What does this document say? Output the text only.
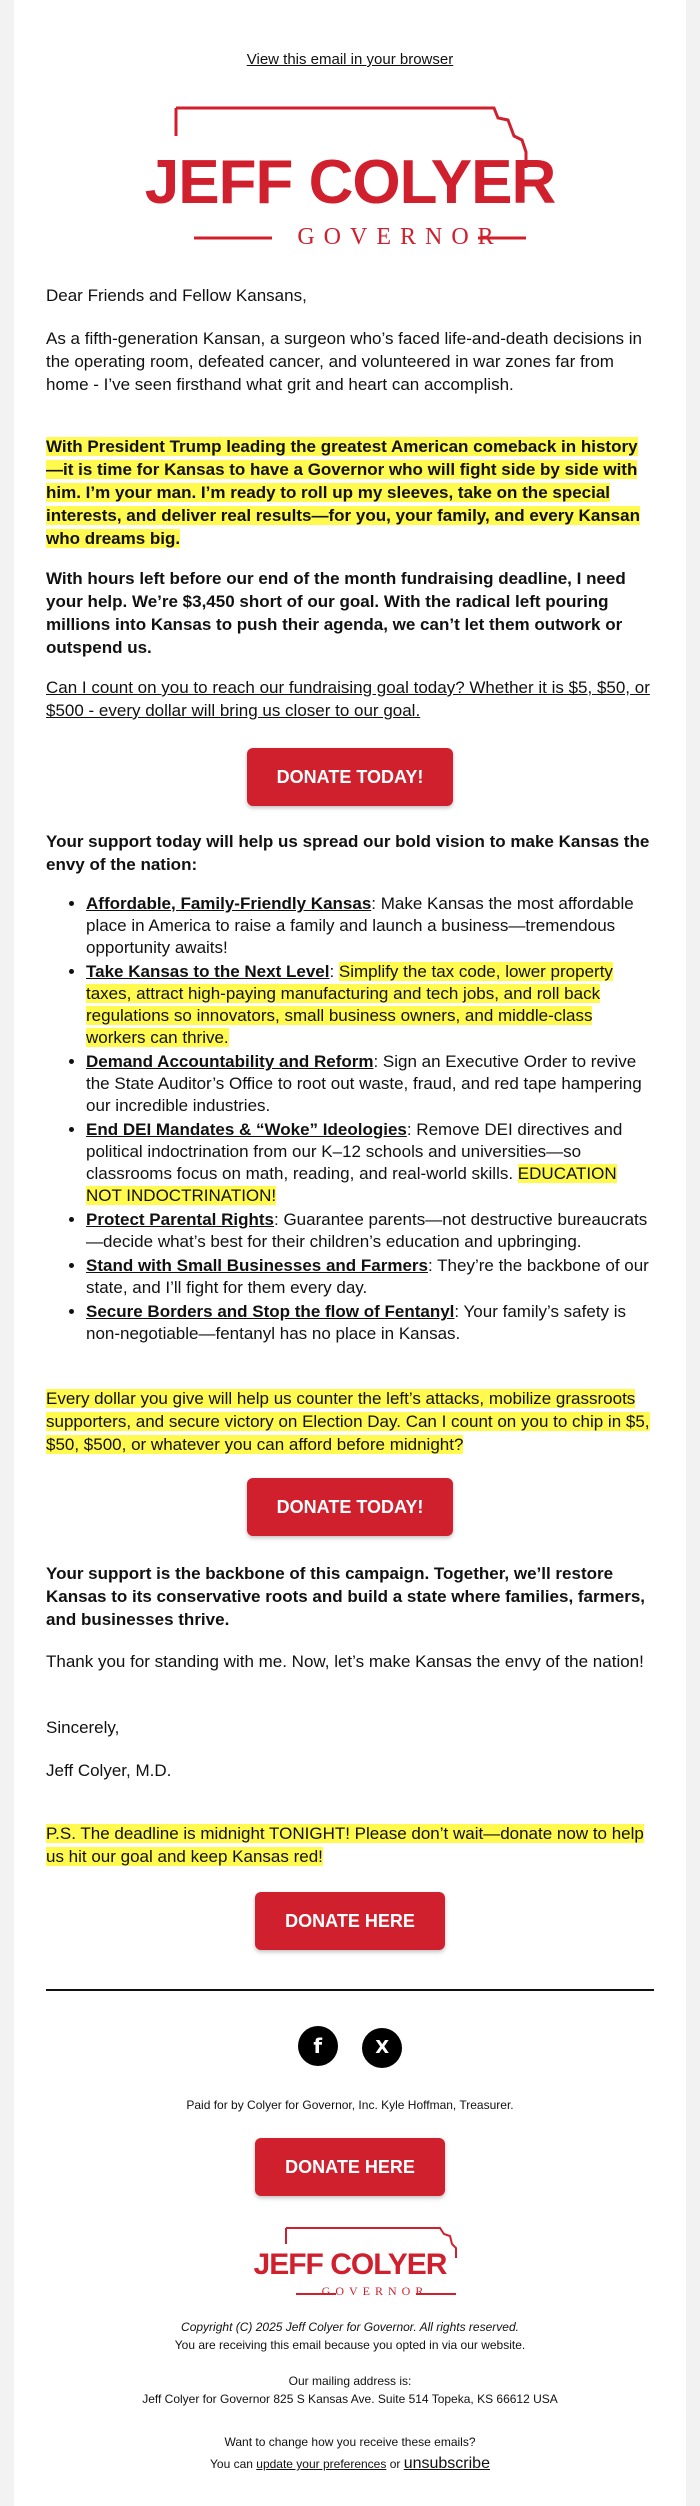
View this email in your browser
JEFF COLYER
GOVERNOR

Dear Friends and Fellow Kansans,

As a fifth-generation Kansan, a surgeon who’s faced life-and-death decisions in the operating room, defeated cancer, and volunteered in war zones far from home - I’ve seen firsthand what grit and heart can accomplish.

With President Trump leading the greatest American comeback in history—it is time for Kansas to have a Governor who will fight side by side with him. I’m your man. I’m ready to roll up my sleeves, take on the special interests, and deliver real results—for you, your family, and every Kansan who dreams big.

With hours left before our end of the month fundraising deadline, I need your help. We’re $3,450 short of our goal. With the radical left pouring millions into Kansas to push their agenda, we can’t let them outwork or outspend us.

Can I count on you to reach our fundraising goal today? Whether it is $5, $50, or $500 - every dollar will bring us closer to our goal.

DONATE TODAY!

Your support today will help us spread our bold vision to make Kansas the envy of the nation:

• Affordable, Family-Friendly Kansas: Make Kansas the most affordable place in America to raise a family and launch a business—tremendous opportunity awaits!
• Take Kansas to the Next Level: Simplify the tax code, lower property taxes, attract high-paying manufacturing and tech jobs, and roll back regulations so innovators, small business owners, and middle-class workers can thrive.
• Demand Accountability and Reform: Sign an Executive Order to revive the State Auditor’s Office to root out waste, fraud, and red tape hampering our incredible industries.
• End DEI Mandates & “Woke” Ideologies: Remove DEI directives and political indoctrination from our K–12 schools and universities—so classrooms focus on math, reading, and real-world skills. EDUCATION NOT INDOCTRINATION!
• Protect Parental Rights: Guarantee parents—not destructive bureaucrats—decide what’s best for their children’s education and upbringing.
• Stand with Small Businesses and Farmers: They’re the backbone of our state, and I’ll fight for them every day.
• Secure Borders and Stop the flow of Fentanyl: Your family’s safety is non-negotiable—fentanyl has no place in Kansas.

Every dollar you give will help us counter the left’s attacks, mobilize grassroots supporters, and secure victory on Election Day. Can I count on you to chip in $5, $50, $500, or whatever you can afford before midnight?

DONATE TODAY!

Your support is the backbone of this campaign. Together, we’ll restore Kansas to its conservative roots and build a state where families, farmers, and businesses thrive.

Thank you for standing with me. Now, let’s make Kansas the envy of the nation!

Sincerely,

Jeff Colyer, M.D.

P.S. The deadline is midnight TONIGHT! Please don’t wait—donate now to help us hit our goal and keep Kansas red!

DONATE HERE
f	X
Paid for by Colyer for Governor, Inc. Kyle Hoffman, Treasurer.
DONATE HERE
JEFF COLYER
GOVERNOR
Copyright (C) 2025 Jeff Colyer for Governor. All rights reserved.
You are receiving this email because you opted in via our website.
Our mailing address is:
Jeff Colyer for Governor 825 S Kansas Ave. Suite 514 Topeka, KS 66612 USA
Want to change how you receive these emails?
You can update your preferences or unsubscribe
